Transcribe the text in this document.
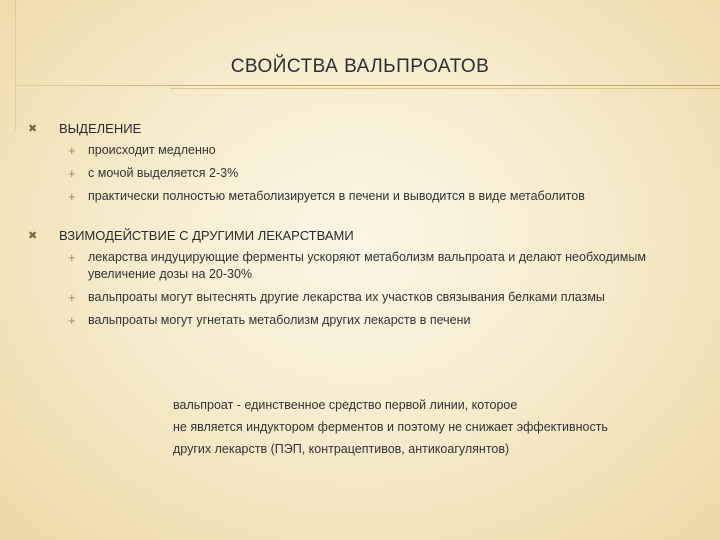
СВОЙСТВА ВАЛЬПРОАТОВ
✖ ВЫДЕЛЕНИЕ
+ происходит медленно
+ с мочой выделяется 2-3%
+ практически полностью метаболизируется в печени и выводится в виде метаболитов
✖ ВЗИМОДЕЙСТВИЕ С ДРУГИМИ ЛЕКАРСТВАМИ
+ лекарства индуцирующие ферменты ускоряют метаболизм вальпроата и делают необходимым увеличение дозы на 20-30%
+ вальпроаты могут вытеснять другие лекарства их участков связывания белками плазмы
+ вальпроаты могут угнетать метаболизм других лекарств в печени

вальпроат - единственное средство первой линии, которое

не является индуктором ферментов и поэтому не снижает эффективность

других лекарств (ПЭП, контрацептивов, антикоагулянтов)
